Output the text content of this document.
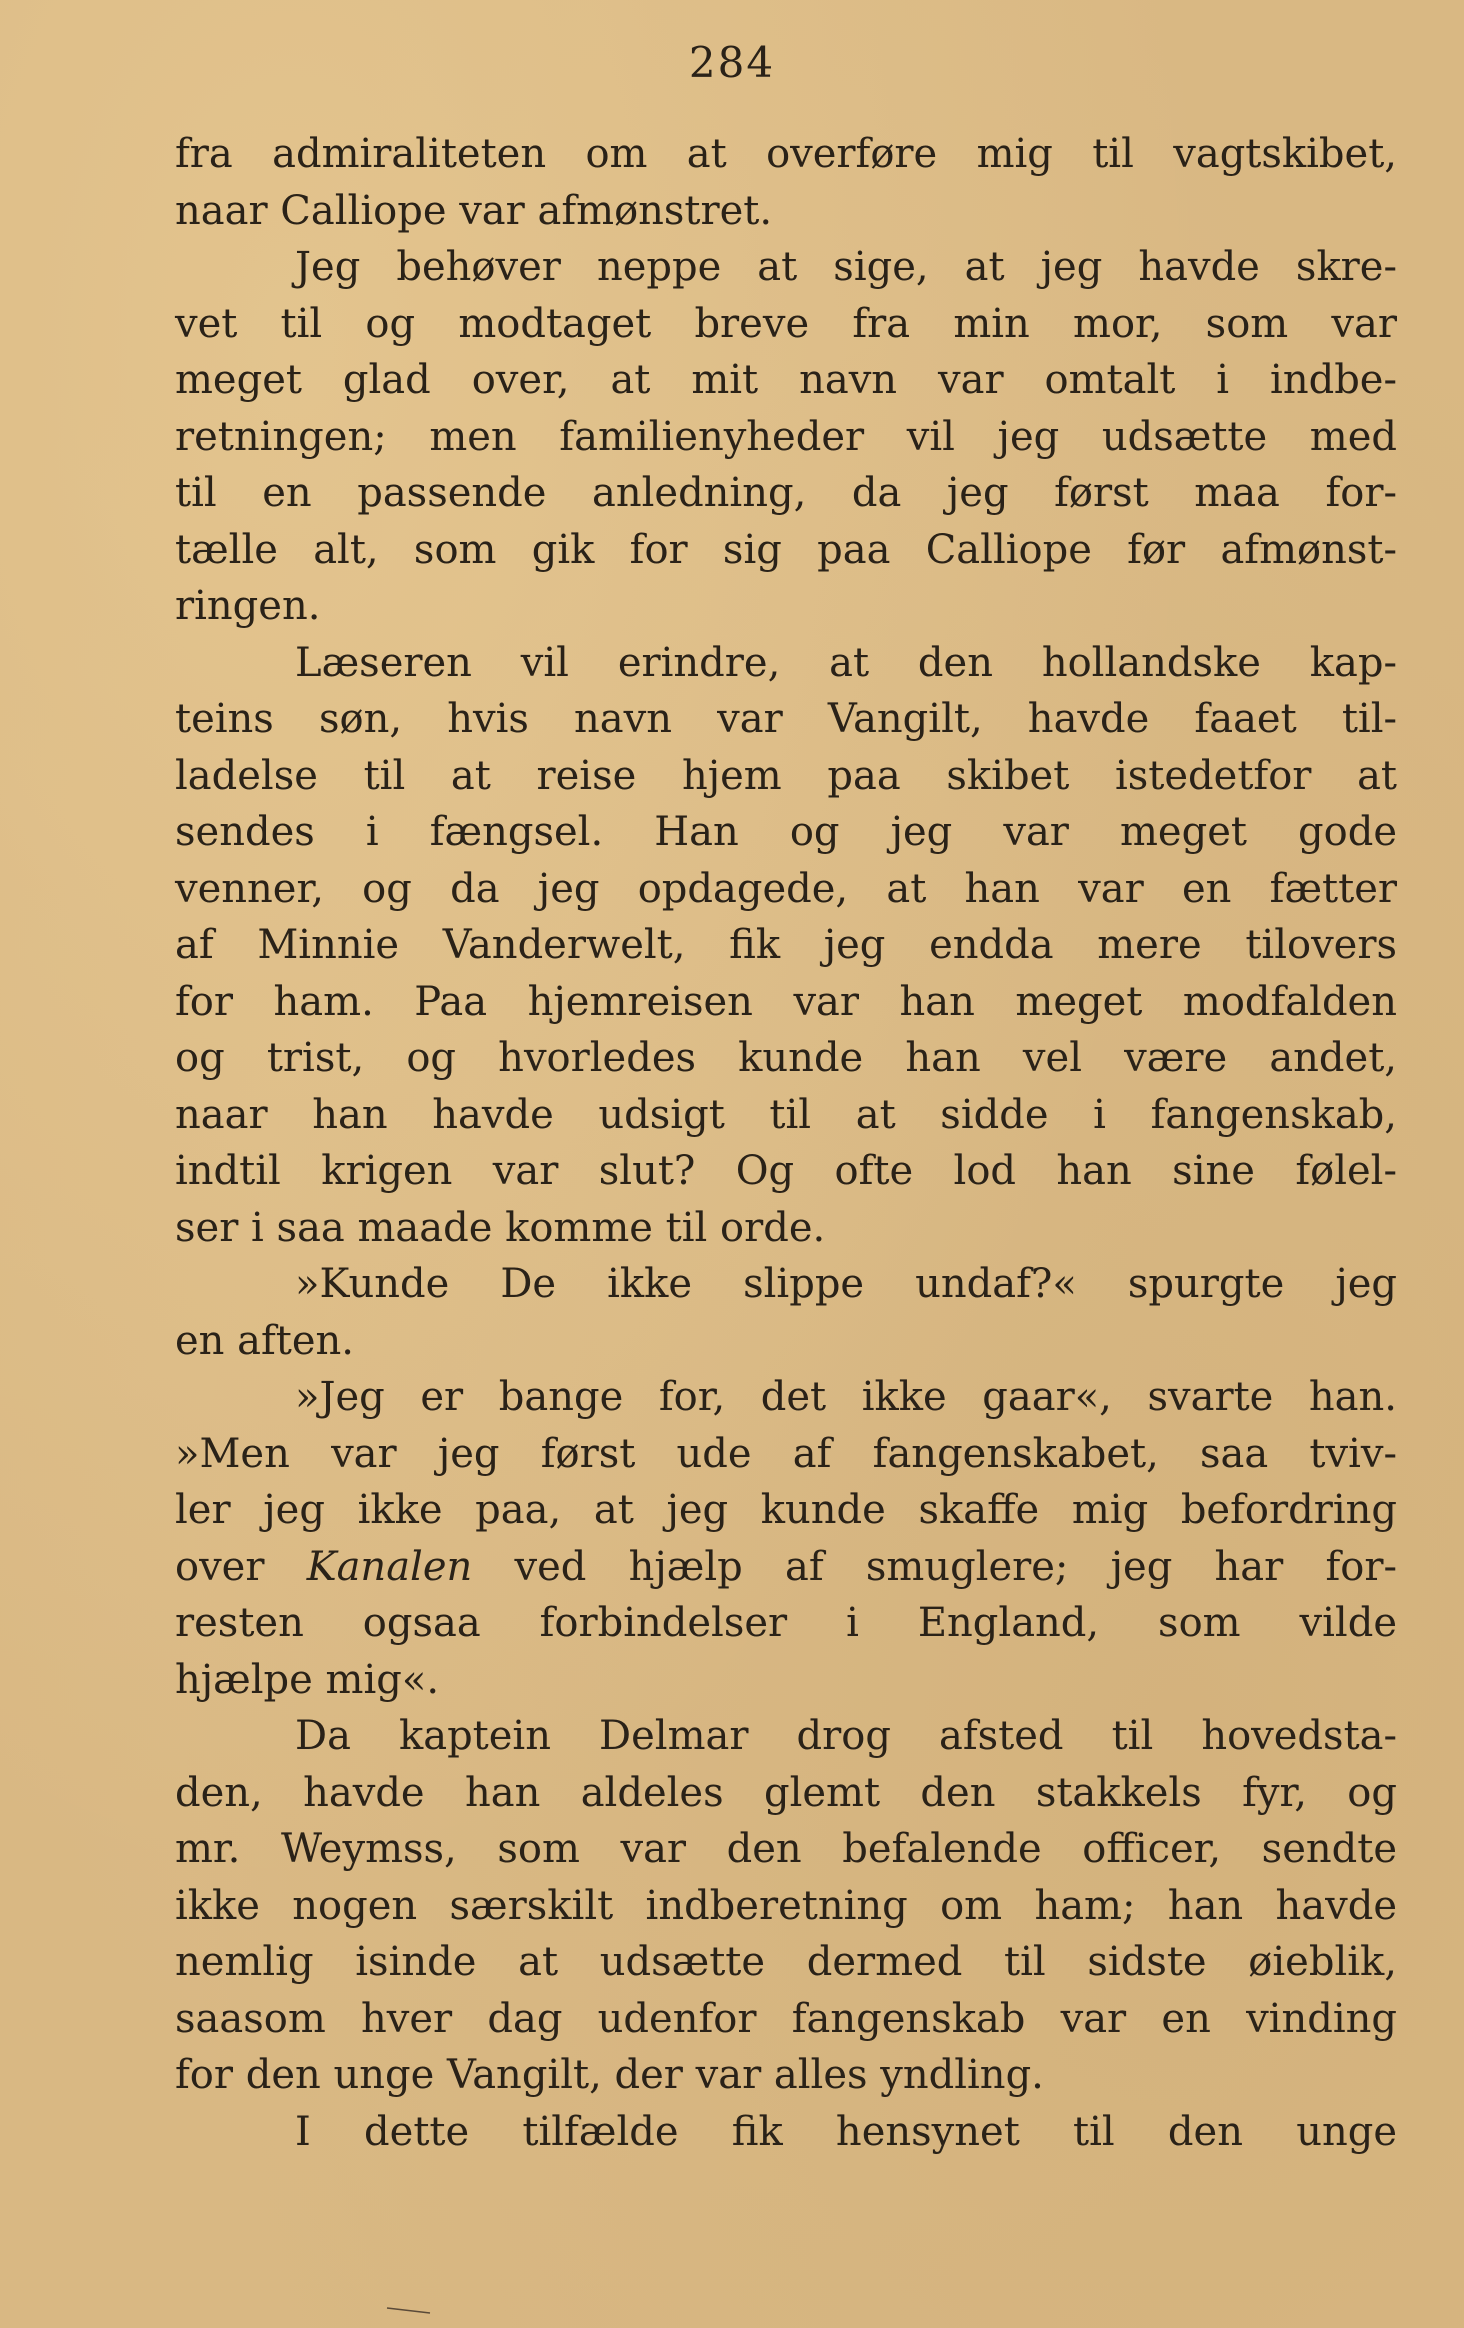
284
fra admiraliteten om at overføre mig til vagtskibet,
naar Calliope var afmønstret.
Jeg behøver neppe at sige, at jeg havde skre-
vet til og modtaget breve fra min mor, som var
meget glad over, at mit navn var omtalt i indbe-
retningen; men familienyheder vil jeg udsætte med
til en passende anledning, da jeg først maa for-
tælle alt, som gik for sig paa Calliope før afmønst-
ringen.
Læseren vil erindre, at den hollandske kap-
teins søn, hvis navn var Vangilt, havde faaet til-
ladelse til at reise hjem paa skibet istedetfor at
sendes i fængsel. Han og jeg var meget gode
venner, og da jeg opdagede, at han var en fætter
af Minnie Vanderwelt, fik jeg endda mere tilovers
for ham. Paa hjemreisen var han meget modfalden
og trist, og hvorledes kunde han vel være andet,
naar han havde udsigt til at sidde i fangenskab,
indtil krigen var slut? Og ofte lod han sine følel-
ser i saa maade komme til orde.
»Kunde De ikke slippe undaf?« spurgte jeg
en aften.
»Jeg er bange for, det ikke gaar«, svarte han.
»Men var jeg først ude af fangenskabet, saa tviv-
ler jeg ikke paa, at jeg kunde skaffe mig befordring
over Kanalen ved hjælp af smuglere; jeg har for-
resten ogsaa forbindelser i England, som vilde
hjælpe mig«.
Da kaptein Delmar drog afsted til hovedsta-
den, havde han aldeles glemt den stakkels fyr, og
mr. Weymss, som var den befalende officer, sendte
ikke nogen særskilt indberetning om ham; han havde
nemlig isinde at udsætte dermed til sidste øieblik,
saasom hver dag udenfor fangenskab var en vinding
for den unge Vangilt, der var alles yndling.
I dette tilfælde fik hensynet til den unge
